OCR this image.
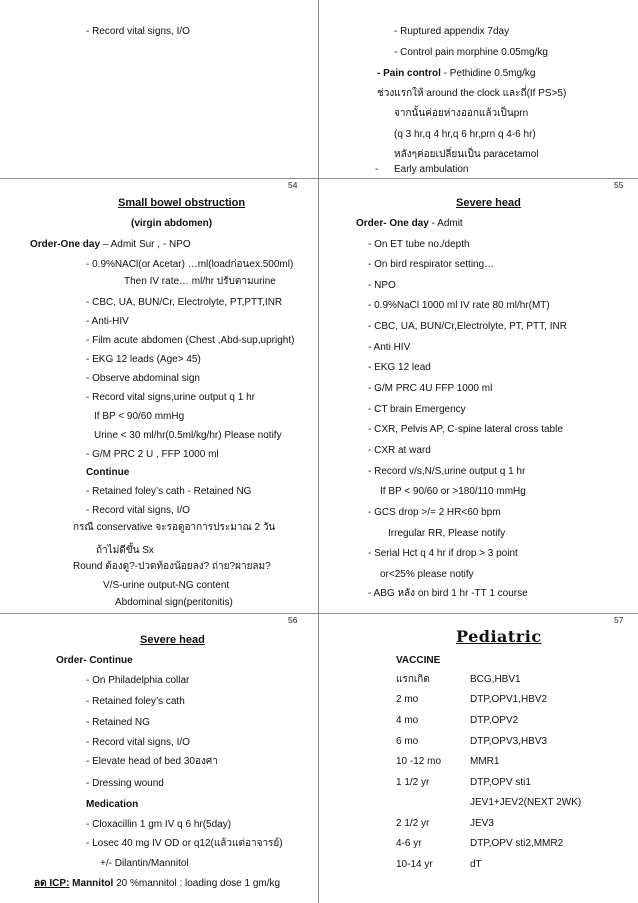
- Record vital signs, I/O	- Ruptured appendix 7day
- Control pain morphine 0.05mg/kg
- Pain control - Pethidine 0.5mg/kg
ช่วงแรกให้ around the clock และถี่(If PS>5)
จากนั้นค่อยห่างออกแล้วเป็นprn
(q 3 hr,q 4 hr,q 6 hr,prn q 4-6 hr)
หลังๆค่อยเปลี่ยนเป็น paracetamol
- Early ambulation
54	55
Small bowel obstruction
(virgin abdomen)
Order-One day – Admit Sur , - NPO
- 0.9%NACl(or Acetar) …ml(loadก่อนex.500ml)
Then IV rate… ml/hr ปรับตามurine
- CBC, UA, BUN/Cr, Electrolyte, PT,PTT,INR
- Anti-HIV
- Film acute abdomen (Chest ,Abd-sup,upright)
- EKG 12 leads (Age> 45)
- Observe abdominal sign
- Record vital signs,urine output q 1 hr
If BP < 90/60 mmHg
Urine < 30 ml/hr(0.5ml/kg/hr) Please notify
- G/M PRC 2 U , FFP 1000 ml
Continue
- Retained foley’s cath - Retained NG
- Record vital signs, I/O
กรณี conservative จะรอดูอาการประมาณ 2 วัน
ถ้าไม่ดีขึ้น Sx
Round ต้องดู?-ปวดท้องน้อยลง? ถ่าย?ผายลม?
V/S-urine output-NG content
56
Severe head
Order- One day - Admit
- On ET tube no./depth
- On bird respirator setting…
- NPO
- 0.9%NaCl 1000 ml IV rate 80 ml/hr(MT)
- CBC, UA, BUN/Cr,Electrolyte, PT, PTT, INR
- Anti HIV
- EKG 12 lead
- G/M PRC 4U FFP 1000 ml
- CT brain Emergency
- CXR, Pelvis AP, C-spine lateral cross table
- CXR at ward
- Record v/s,N/S,urine output q 1 hr
If BP < 90/60 or >180/110 mmHg
- GCS drop >/= 2 HR<60 bpm
Irregular RR, Please notify
- Serial Hct q 4 hr if drop > 3 point
or<25% please notify
- ABG หลัง on bird 1 hr -TT 1 course
57
Severe head
Order- Continue
- On Philadelphia collar
- Retained foley’s cath
- Retained NG
- Record vital signs, I/O
- Elevate head of bed 30องศา
- Dressing wound
Medication
- Cloxacillin 1 gm IV q 6 hr(5day)
- Losec 40 mg IV OD or q12(แล้วแต่อาจารย์)
+/- Dilantin/Mannitol
ลด ICP: Mannitol 20 %mannitol : loading dose 1 gm/kg
Pediatric
VACCINE
แรกเกิด	BCG,HBV1
2 mo	DTP,OPV1,HBV2
4 mo	DTP,OPV2
6 mo	DTP,OPV3,HBV3
10 -12 mo	MMR1
1 1/2 yr	DTP,OPV sti1
JEV1+JEV2(NEXT 2WK)
2 1/2 yr	JEV3
4-6 yr	DTP,OPV sti2,MMR2
10-14 yr	dT
Abdominal sign(peritonitis)
